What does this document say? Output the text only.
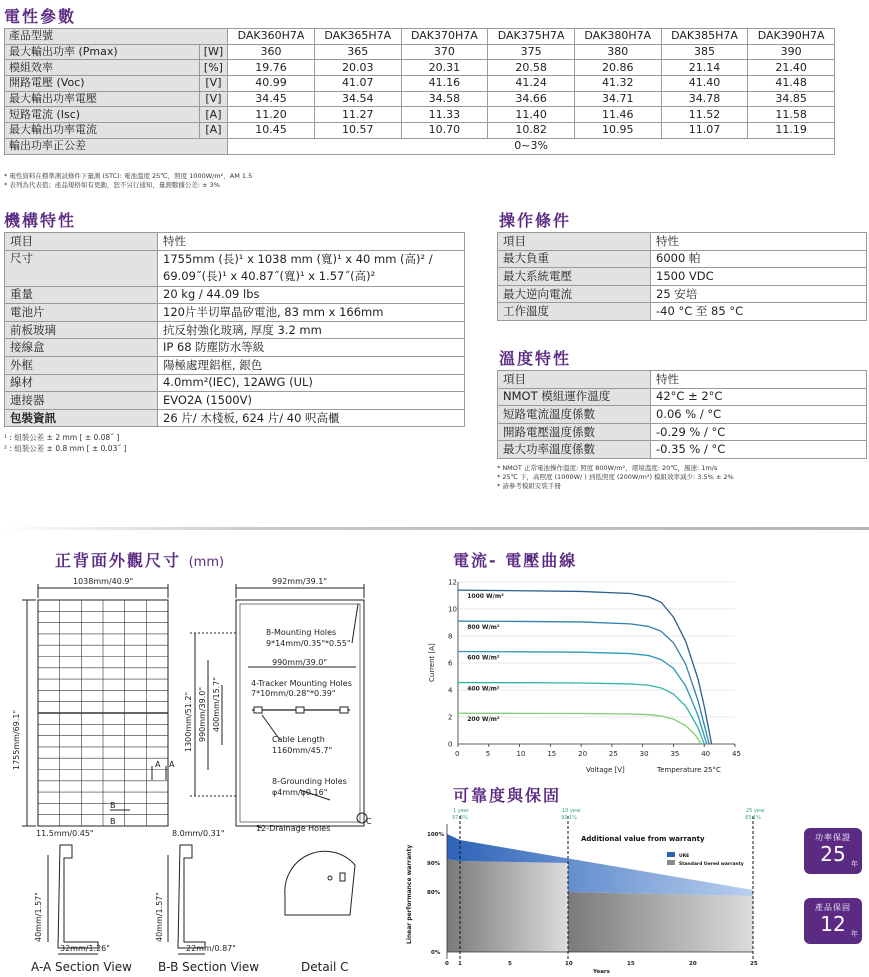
電性參數
產品型號		DAK360H7A	DAK365H7A	DAK370H7A	DAK375H7A	DAK380H7A	DAK385H7A	DAK390H7A
最大輸出功率 (Pmax)	[W]	360	365	370	375	380	385	390
模組效率	[%]	19.76	20.03	20.31	20.58	20.86	21.14	21.40
開路電壓 (Voc)	[V]	40.99	41.07	41.16	41.24	41.32	41.40	41.48
最大輸出功率電壓	[V]	34.45	34.54	34.58	34.66	34.71	34.78	34.85
短路電流 (Isc)	[A]	11.20	11.27	11.33	11.40	11.46	11.52	11.58
最大輸出功率電流	[A]	10.45	10.57	10.70	10.82	10.95	11.07	11.19
輸出功率正公差		0~3%						
* 電性資料在標準測試條件下量測 (STC): 電池溫度 25℃，照度 1000W/m²，AM 1.5
* 表列為代表值；產品規格如有更動，恕不另行通知，量測數據公差: ± 3%
機構特性
項目	特性
尺寸	1755mm (長)¹ x 1038 mm (寬)¹ x 40 mm (高)² /
69.09˝(長)¹ x 40.87˝(寬)¹ x 1.57˝(高)²

重量	20 kg / 44.09 lbs
電池片	120片半切單晶矽電池, 83 mm x 166mm
前板玻璃	抗反射強化玻璃, 厚度 3.2 mm
接線盒	IP 68 防塵防水等級
外框	陽極處理鋁框, 銀色
線材	4.0mm²(IEC), 12AWG (UL)
連接器	EVO2A (1500V)
包裝資訊	26 片/ 木棧板, 624 片/ 40 呎高櫃
¹ : 組裝公差 ± 2 mm [ ± 0.08˝ ]
² : 組裝公差 ± 0.8 mm [ ± 0.03˝ ]
操作條件
項目	特性
最大負重	6000 帕
最大系統電壓	1500 VDC
最大逆向電流	25 安培
工作溫度	-40 °C 至 85 °C
溫度特性
項目	特性
NMOT 模組運作溫度	42°C ± 2°C
短路電流溫度係數	0.06 % / °C
開路電壓溫度係數	-0.29 % / °C
最大功率溫度係數	-0.35 % / °C
* NMOT 正常電池操作溫度: 照度 800W/m²，環境溫度: 20℃，風速: 1m/s
* 25℃ 下，高照度 (1000W/ ) 到低照度 (200W/m²) 模組效率減少: 3.5% ± 2%
* 請參考模組安裝手冊
正背面外觀尺寸 (mm)
1038mm/40.9"
1755mm/69.1"
992mm/39.1"
1300mm/51.2" 990mm/39.0" 400mm/15.7"
8-Mounting Holes
9*14mm/0.35"*0.55"
990mm/39.0"
4-Tracker Mounting Holes
7*10mm/0.28"*0.39"
Cable Length
1160mm/45.7"
8-Grounding Holes
φ4mm/φ0.16"
12-Drainage Holes
A A
B
B	C
11.5mm/0.45"
40mm/1.57"
32mm/1.26"
8.0mm/0.31"
40mm/1.57"
22mm/0.87"
A-A Section View B-B Section View	Detail C
電流- 電壓曲線
0
2
4
6
8
10
12
0	5	10	15	20	25	30	35	40	45
1000 W/m²
800 W/m²
600 W/m²
400 W/m²
200 W/m²
Current [A]
Voltage [V]	Temperature 25°C
可靠度與保固
Linear performance warranty
100%
90%
80%
0%
1 year
97.5%
10 year
92.1%
25 year
83.1%
Additional value from warranty
URE
Standard tiered warranty
0 1	5	10	15	20	25
Years
功率保證
25 年
產品保固
12 年
